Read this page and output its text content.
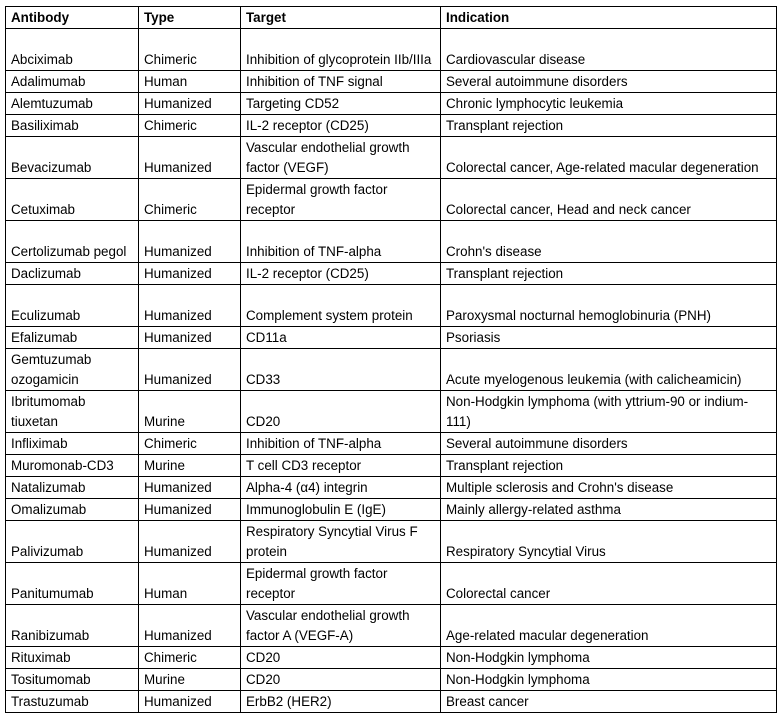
Antibody	Type	Target	Indication
Abciximab	Chimeric	Inhibition of glycoprotein IIb/IIIa	Cardiovascular disease
Adalimumab	Human	Inhibition of TNF signal	Several autoimmune disorders
Alemtuzumab	Humanized	Targeting CD52	Chronic lymphocytic leukemia
Basiliximab	Chimeric	IL-2 receptor (CD25)	Transplant rejection
Bevacizumab	Humanized	Vascular endothelial growth factor (VEGF)	Colorectal cancer, Age-related macular degeneration
Cetuximab	Chimeric	Epidermal growth factor receptor	Colorectal cancer, Head and neck cancer
Certolizumab pegol	Humanized	Inhibition of TNF-alpha	Crohn's disease
Daclizumab	Humanized	IL-2 receptor (CD25)	Transplant rejection
Eculizumab	Humanized	Complement system protein	Paroxysmal nocturnal hemoglobinuria (PNH)
Efalizumab	Humanized	CD11a	Psoriasis
Gemtuzumab ozogamicin	Humanized	CD33	Acute myelogenous leukemia (with calicheamicin)
Ibritumomab tiuxetan	Murine	CD20	Non-Hodgkin lymphoma (with yttrium-90 or indium-111)
Infliximab	Chimeric	Inhibition of TNF-alpha	Several autoimmune disorders
Muromonab-CD3	Murine	T cell CD3 receptor	Transplant rejection
Natalizumab	Humanized	Alpha-4 (α4) integrin	Multiple sclerosis and Crohn's disease
Omalizumab	Humanized	Immunoglobulin E (IgE)	Mainly allergy-related asthma
Palivizumab	Humanized	Respiratory Syncytial Virus F protein	Respiratory Syncytial Virus
Panitumumab	Human	Epidermal growth factor receptor	Colorectal cancer
Ranibizumab	Humanized	Vascular endothelial growth factor A (VEGF-A)	Age-related macular degeneration
Rituximab	Chimeric	CD20	Non-Hodgkin lymphoma
Tositumomab	Murine	CD20	Non-Hodgkin lymphoma
Trastuzumab	Humanized	ErbB2 (HER2)	Breast cancer
